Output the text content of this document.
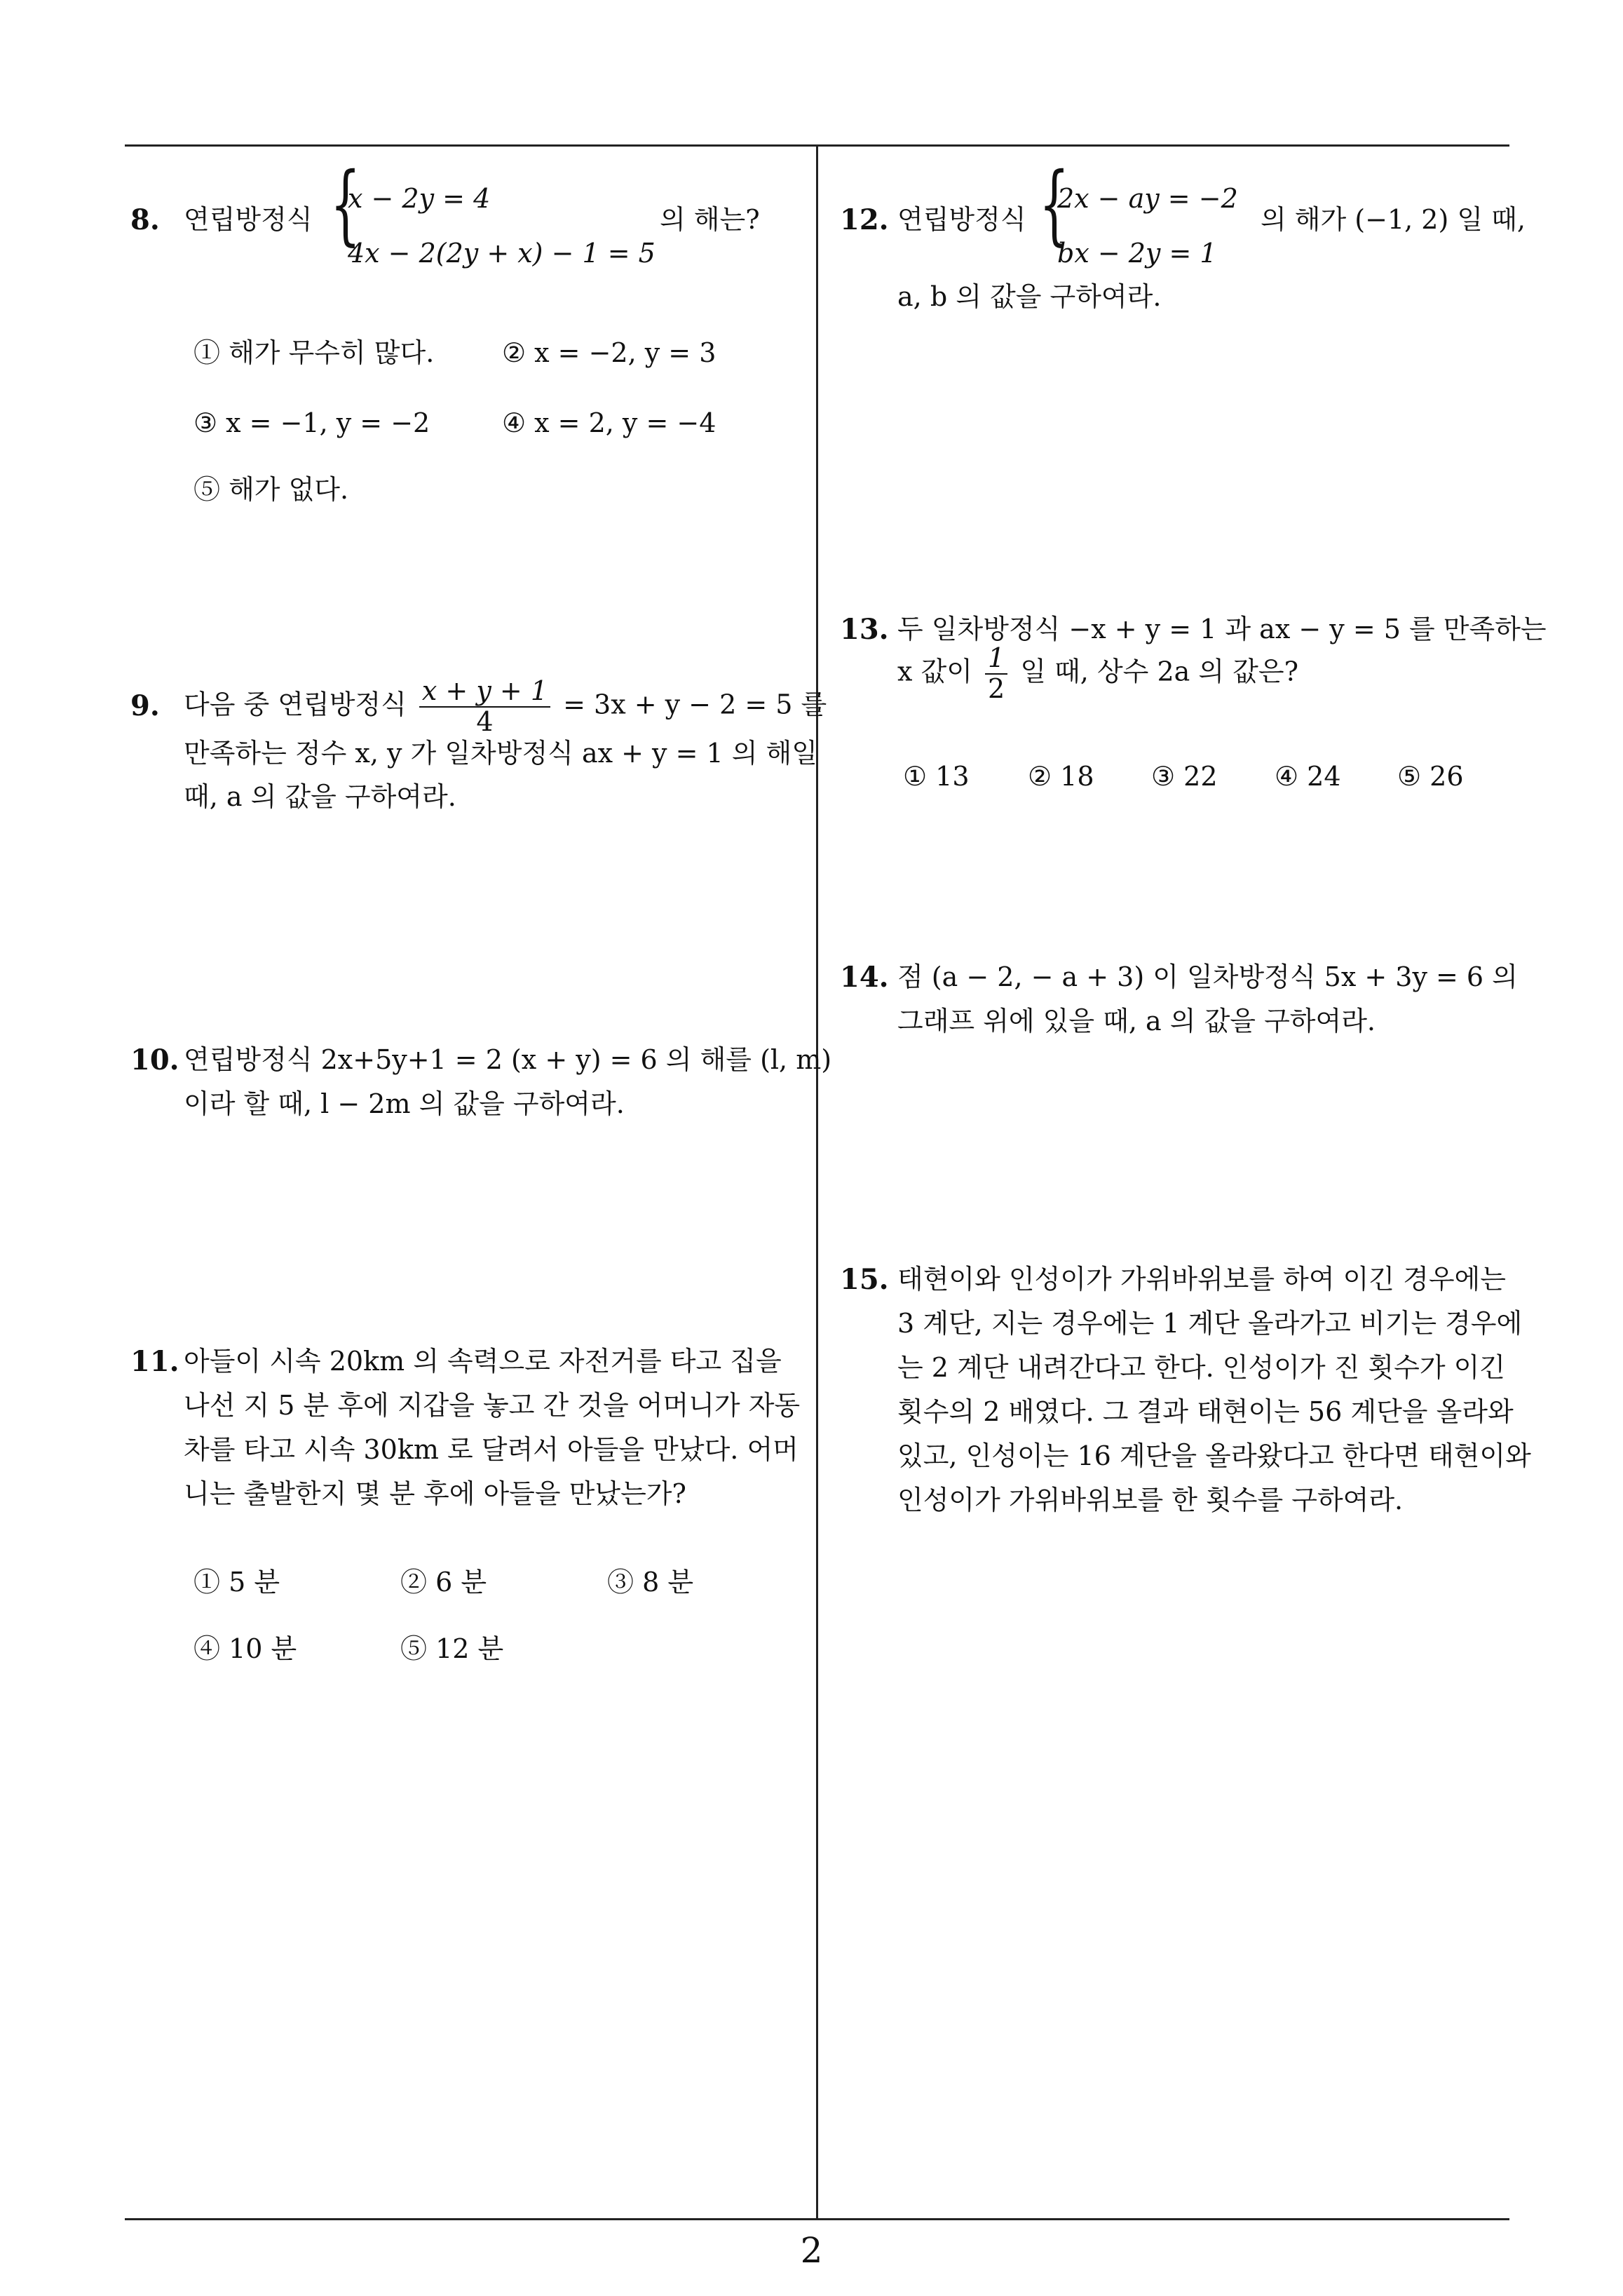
8. 연립방정식 {
x − 2y = 4
4x − 2(2y + x) − 1 = 5
의 해는?
① 해가 무수히 많다.	② x = −2, y = 3
③ x = −1, y = −2	④ x = 2, y = −4
⑤ 해가 없다.
9. 다음 중 연립방정식 $\frac{x + y + 1}{4} = 3x + y - 2 = 5$ 를
만족하는 정수 x, y 가 일차방정식 ax + y = 1 의 해일
때, a 의 값을 구하여라.
10. 연립방정식 2x+5y+1 = 2 (x + y) = 6 의 해를 (l, m)
이라 할 때, l − 2m 의 값을 구하여라.
11. 아들이 시속 20km 의 속력으로 자전거를 타고 집을
나선 지 5 분 후에 지갑을 놓고 간 것을 어머니가 자동
차를 타고 시속 30km 로 달려서 아들을 만났다. 어머
니는 출발한지 몇 분 후에 아들을 만났는가?
① 5 분	② 6 분	③ 8 분
④ 10 분	⑤ 12 분
12. 연립방정식 {
2x − ay = −2
bx − 2y = 1
의 해가 (−1, 2) 일 때,
a, b 의 값을 구하여라.
13. 두 일차방정식 −x + y = 1 과 ax − y = 5 를 만족하는
x 값이 $\frac{1}{2}$ 일 때, 상수 2a 의 값은?
① 13 ② 18 ③ 22 ④ 24 ⑤ 26
14. 점 (a − 2, − a + 3) 이 일차방정식 5x + 3y = 6 의
그래프 위에 있을 때, a 의 값을 구하여라.
15. 태현이와 인성이가 가위바위보를 하여 이긴 경우에는
3 계단, 지는 경우에는 1 계단 올라가고 비기는 경우에
는 2 계단 내려간다고 한다. 인성이가 진 횟수가 이긴
횟수의 2 배였다. 그 결과 태현이는 56 계단을 올라와
있고, 인성이는 16 계단을 올라왔다고 한다면 태현이와
인성이가 가위바위보를 한 횟수를 구하여라.
2
